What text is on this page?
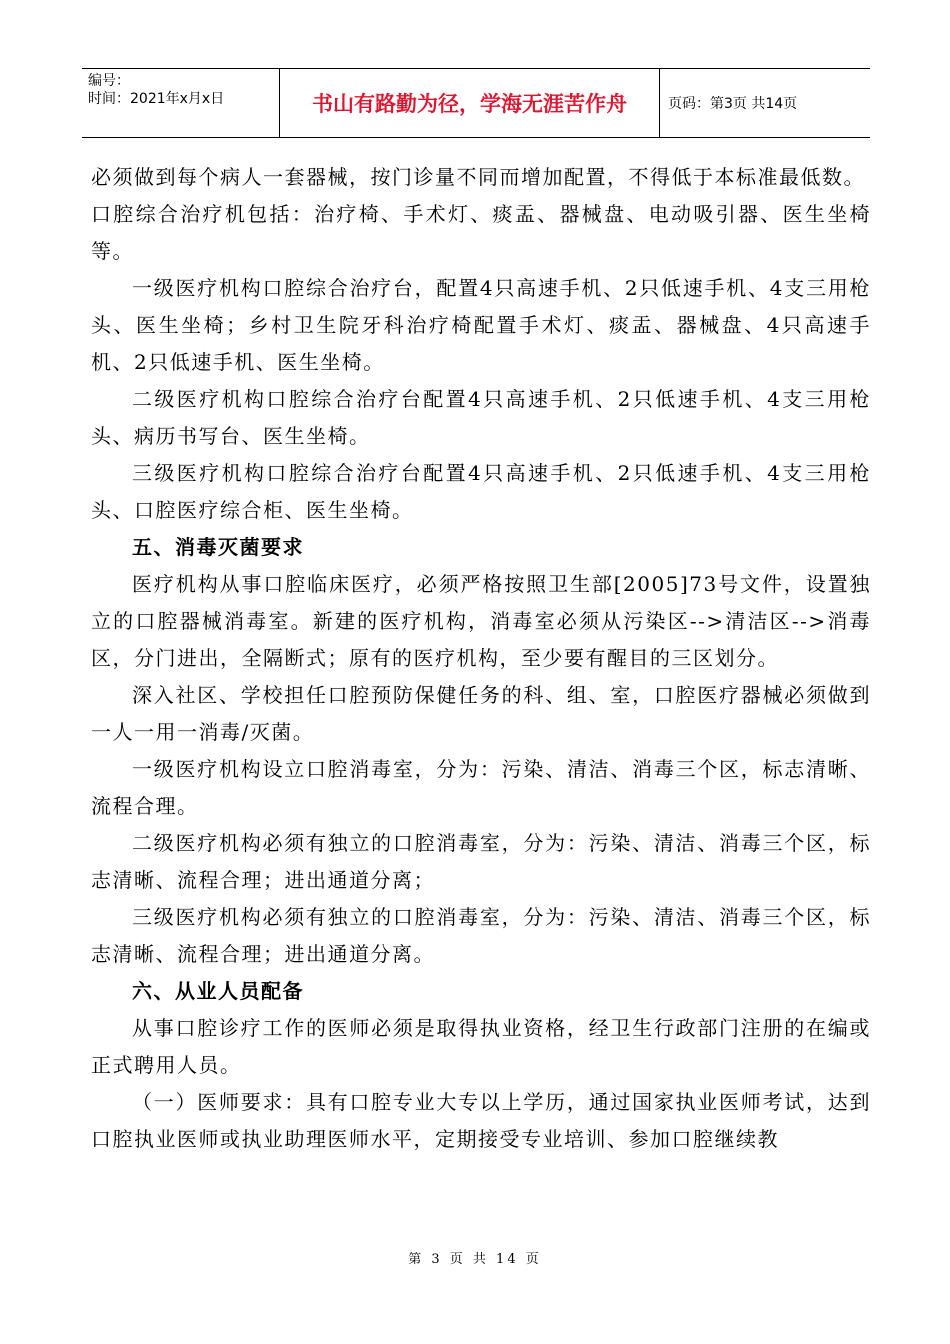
编号：
时间：2021年x月x日	书山有路勤为径，学海无涯苦作舟	页码：第3页 共14页

必须做到每个病人一套器械，按门诊量不同而增加配置，不得低于本标准最低数。

口腔综合治疗机包括：治疗椅、手术灯、痰盂、器械盘、电动吸引器、医生坐椅等。

一级医疗机构口腔综合治疗台，配置4只高速手机、2只低速手机、4支三用枪头、医生坐椅；乡村卫生院牙科治疗椅配置手术灯、痰盂、器械盘、4只高速手机、2只低速手机、医生坐椅。

二级医疗机构口腔综合治疗台配置4只高速手机、2只低速手机、4支三用枪头、病历书写台、医生坐椅。

三级医疗机构口腔综合治疗台配置4只高速手机、2只低速手机、4支三用枪头、口腔医疗综合柜、医生坐椅。

五、消毒灭菌要求

医疗机构从事口腔临床医疗，必须严格按照卫生部[2005]73号文件，设置独立的口腔器械消毒室。新建的医疗机构，消毒室必须从污染区-->清洁区-->消毒区，分门进出，全隔断式；原有的医疗机构，至少要有醒目的三区划分。

深入社区、学校担任口腔预防保健任务的科、组、室，口腔医疗器械必须做到一人一用一消毒/灭菌。

一级医疗机构设立口腔消毒室，分为：污染、清洁、消毒三个区，标志清晰、流程合理。

二级医疗机构必须有独立的口腔消毒室，分为：污染、清洁、消毒三个区，标志清晰、流程合理；进出通道分离；

三级医疗机构必须有独立的口腔消毒室，分为：污染、清洁、消毒三个区，标志清晰、流程合理；进出通道分离。

六、从业人员配备

从事口腔诊疗工作的医师必须是取得执业资格，经卫生行政部门注册的在编或正式聘用人员。

（一）医师要求：具有口腔专业大专以上学历，通过国家执业医师考试，达到口腔执业医师或执业助理医师水平，定期接受专业培训、参加口腔继续教

第 3 页 共 14 页
